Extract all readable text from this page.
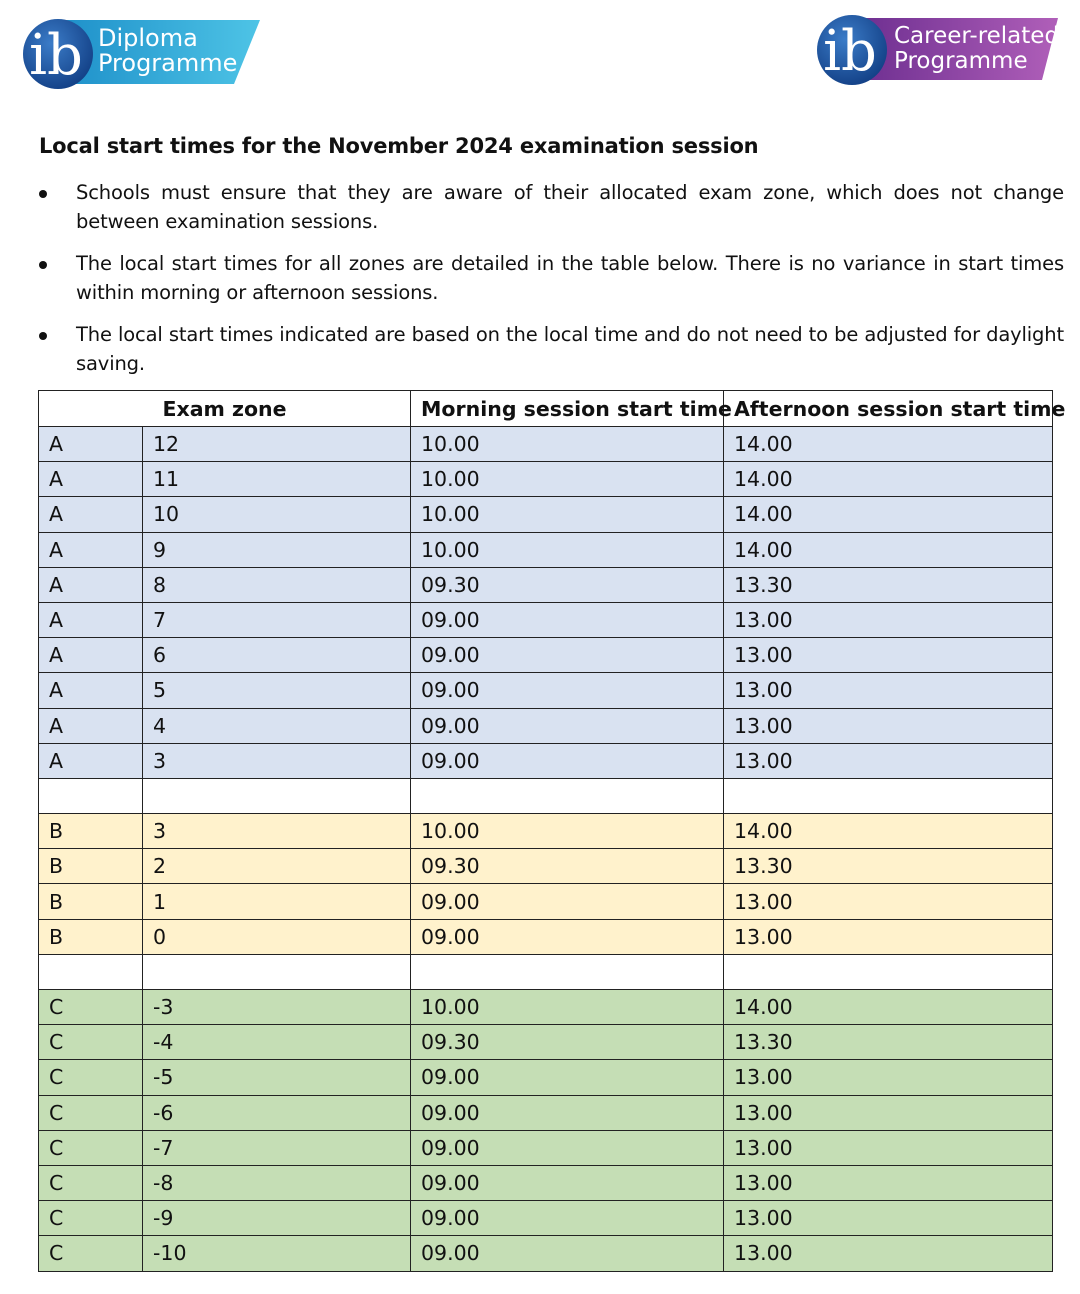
ib Diploma
Programme	ib Career-related
Programme
Local start times for the November 2024 examination session
Schools must ensure that they are aware of their allocated exam zone, which does not change between examination sessions.
The local start times for all zones are detailed in the table below. There is no variance in start times within morning or afternoon sessions.
The local start times indicated are based on the local time and do not need to be adjusted for daylight saving.
Exam zone		Morning session start time	Afternoon session start time
A	12	10.00	14.00
A	11	10.00	14.00
A	10	10.00	14.00
A	9	10.00	14.00
A	8	09.30	13.30
A	7	09.00	13.00
A	6	09.00	13.00
A	5	09.00	13.00
A	4	09.00	13.00
A	3	09.00	13.00

B	3	10.00	14.00
B	2	09.30	13.30
B	1	09.00	13.00
B	0	09.00	13.00

C	-3	10.00	14.00
C	-4	09.30	13.30
C	-5	09.00	13.00
C	-6	09.00	13.00
C	-7	09.00	13.00
C	-8	09.00	13.00
C	-9	09.00	13.00
C	-10	09.00	13.00
